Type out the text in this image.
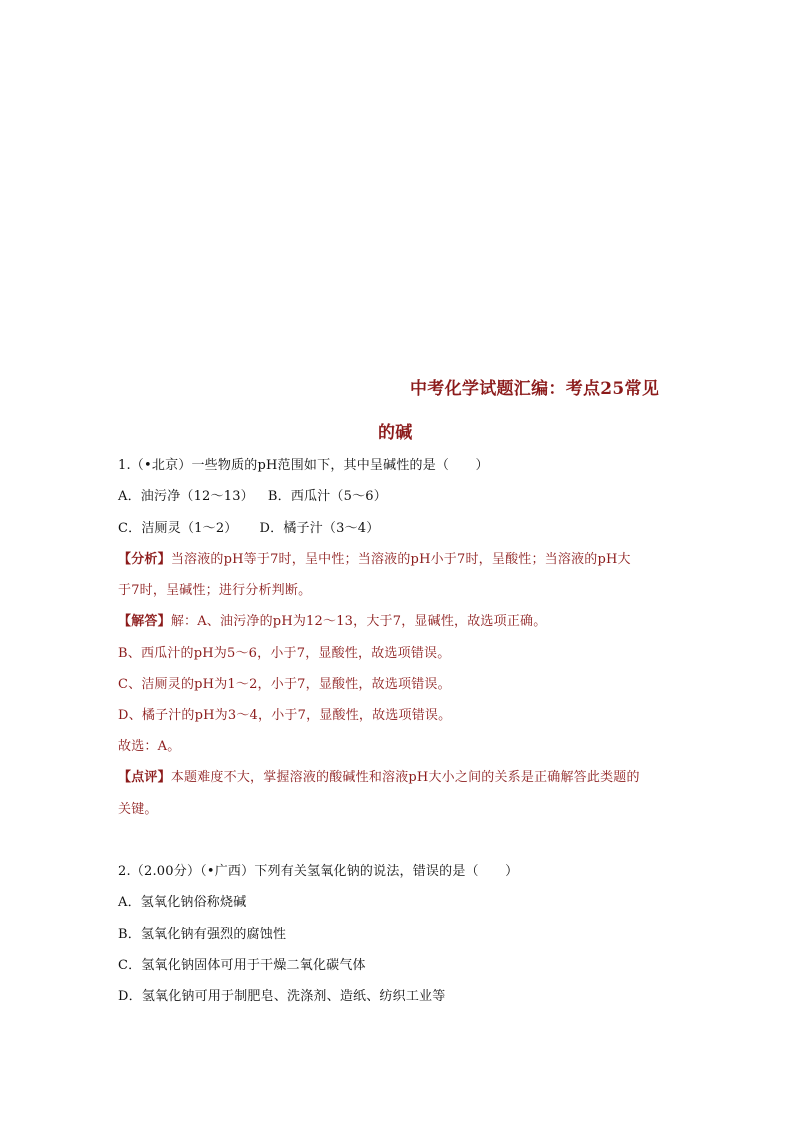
中考化学试题汇编：考点25常见
的碱
1.（•北京）一些物质的pH范围如下，其中呈碱性的是（　　）
A．油污净（12～13） B．西瓜汁（5～6）
C．洁厕灵（1～2） D．橘子汁（3～4）
【分析】当溶液的pH等于7时，呈中性；当溶液的pH小于7时，呈酸性；当溶液的pH大
于7时，呈碱性；进行分析判断。
【解答】解：A、油污净的pH为12～13，大于7，显碱性，故选项正确。
B、西瓜汁的pH为5～6，小于7，显酸性，故选项错误。
C、洁厕灵的pH为1～2，小于7，显酸性，故选项错误。
D、橘子汁的pH为3～4，小于7，显酸性，故选项错误。
故选：A。
【点评】本题难度不大，掌握溶液的酸碱性和溶液pH大小之间的关系是正确解答此类题的
关键。
2.（2.00分）（•广西）下列有关氢氧化钠的说法，错误的是（　　）
A．氢氧化钠俗称烧碱
B．氢氧化钠有强烈的腐蚀性
C．氢氧化钠固体可用于干燥二氧化碳气体
D．氢氧化钠可用于制肥皂、洗涤剂、造纸、纺织工业等
